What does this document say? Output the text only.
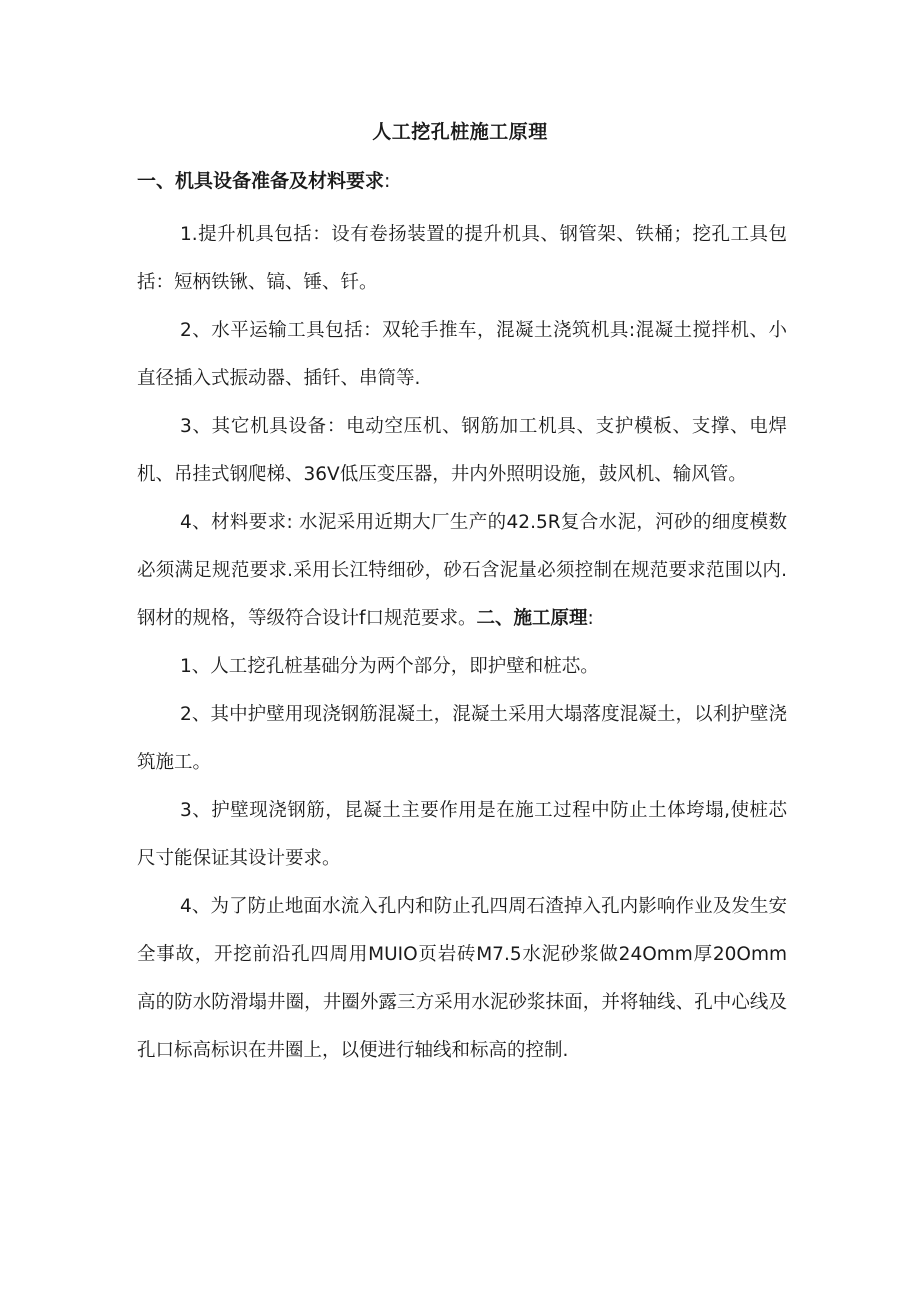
人工挖孔桩施工原理
一、机具设备准备及材料要求:

1.提升机具包括：设有卷扬装置的提升机具、钢管架、铁桶；挖孔工具包括：短柄铁锹、镐、锤、钎。

2、水平运输工具包括：双轮手推车，混凝土浇筑机具:混凝土搅拌机、小直径插入式振动器、插钎、串筒等.

3、其它机具设备：电动空压机、钢筋加工机具、支护模板、支撑、电焊机、吊挂式钢爬梯、36V低压变压器，井内外照明设施，鼓风机、输风管。

4、材料要求: 水泥采用近期大厂生产的42.5R复合水泥，河砂的细度模数必须满足规范要求.采用长江特细砂，砂石含泥量必须控制在规范要求范围以内.钢材的规格，等级符合设计f口规范要求。二、施工原理:

1、人工挖孔桩基础分为两个部分，即护壁和桩芯。

2、其中护壁用现浇钢筋混凝土，混凝土采用大塌落度混凝土，以利护壁浇筑施工。

3、护壁现浇钢筋，昆凝土主要作用是在施工过程中防止土体垮塌,使桩芯尺寸能保证其设计要求。

4、为了防止地面水流入孔内和防止孔四周石渣掉入孔内影响作业及发生安全事故，开挖前沿孔四周用MUIO页岩砖M7.5水泥砂浆做24Omm厚20Omm高的防水防滑塌井圈，井圈外露三方采用水泥砂浆抹面，并将轴线、孔中心线及孔口标高标识在井圈上，以便进行轴线和标高的控制.
